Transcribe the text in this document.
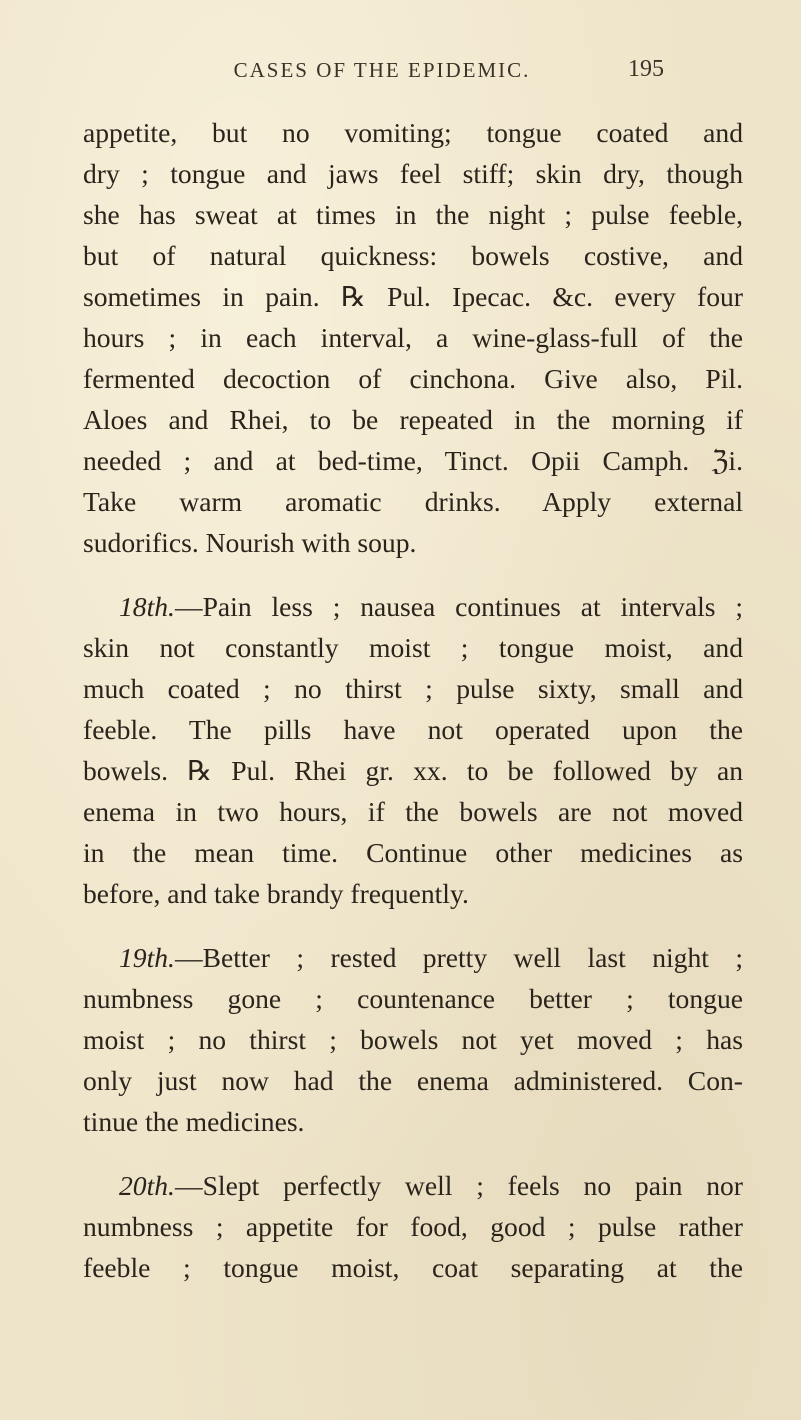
CASES OF THE EPIDEMIC.	195
appetite, but no vomiting; tongue coated and
dry ; tongue and jaws feel stiff; skin dry, though
she has sweat at times in the night ; pulse feeble,
but of natural quickness: bowels costive, and
sometimes in pain. ℞ Pul. Ipecac. &c. every four
hours ; in each interval, a wine-glass-full of the
fermented decoction of cinchona. Give also, Pil.
Aloes and Rhei, to be repeated in the morning if
needed ; and at bed-time, Tinct. Opii Camph. ℨi.
Take warm aromatic drinks. Apply external
sudorifics. Nourish with soup.
18th.—Pain less ; nausea continues at intervals ;
skin not constantly moist ; tongue moist, and
much coated ; no thirst ; pulse sixty, small and
feeble. The pills have not operated upon the
bowels. ℞ Pul. Rhei gr. xx. to be followed by an
enema in two hours, if the bowels are not moved
in the mean time. Continue other medicines as
before, and take brandy frequently.
19th.—Better ; rested pretty well last night ;
numbness gone ; countenance better ; tongue
moist ; no thirst ; bowels not yet moved ; has
only just now had the enema administered. Con-
tinue the medicines.
20th.—Slept perfectly well ; feels no pain nor
numbness ; appetite for food, good ; pulse rather
feeble ; tongue moist, coat separating at the
